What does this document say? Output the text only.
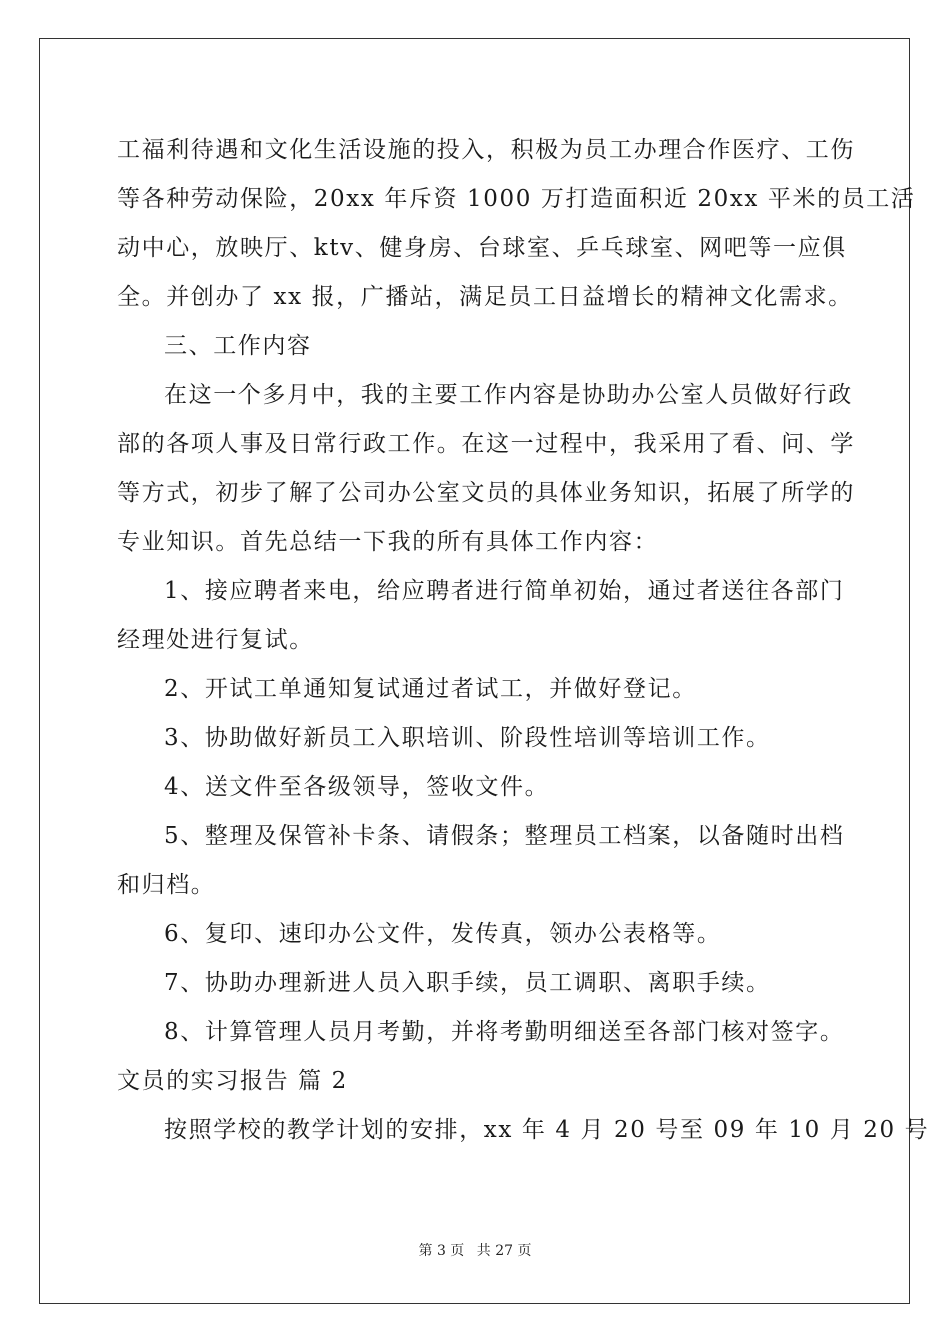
工福利待遇和文化生活设施的投入，积极为员工办理合作医疗、工伤
等各种劳动保险，20xx 年斥资 1000 万打造面积近 20xx 平米的员工活
动中心，放映厅、ktv、健身房、台球室、乒乓球室、网吧等一应俱
全。并创办了 xx 报，广播站，满足员工日益增长的精神文化需求。
三、工作内容
在这一个多月中，我的主要工作内容是协助办公室人员做好行政
部的各项人事及日常行政工作。在这一过程中，我采用了看、问、学
等方式，初步了解了公司办公室文员的具体业务知识，拓展了所学的
专业知识。首先总结一下我的所有具体工作内容：
1、接应聘者来电，给应聘者进行简单初始，通过者送往各部门
经理处进行复试。
2、开试工单通知复试通过者试工，并做好登记。
3、协助做好新员工入职培训、阶段性培训等培训工作。
4、送文件至各级领导，签收文件。
5、整理及保管补卡条、请假条；整理员工档案，以备随时出档
和归档。
6、复印、速印办公文件，发传真，领办公表格等。
7、协助办理新进人员入职手续，员工调职、离职手续。
8、计算管理人员月考勤，并将考勤明细送至各部门核对签字。
文员的实习报告 篇 2
按照学校的教学计划的安排，xx 年 4 月 20 号至 09 年 10 月 20 号
第 3 页 共 27 页
